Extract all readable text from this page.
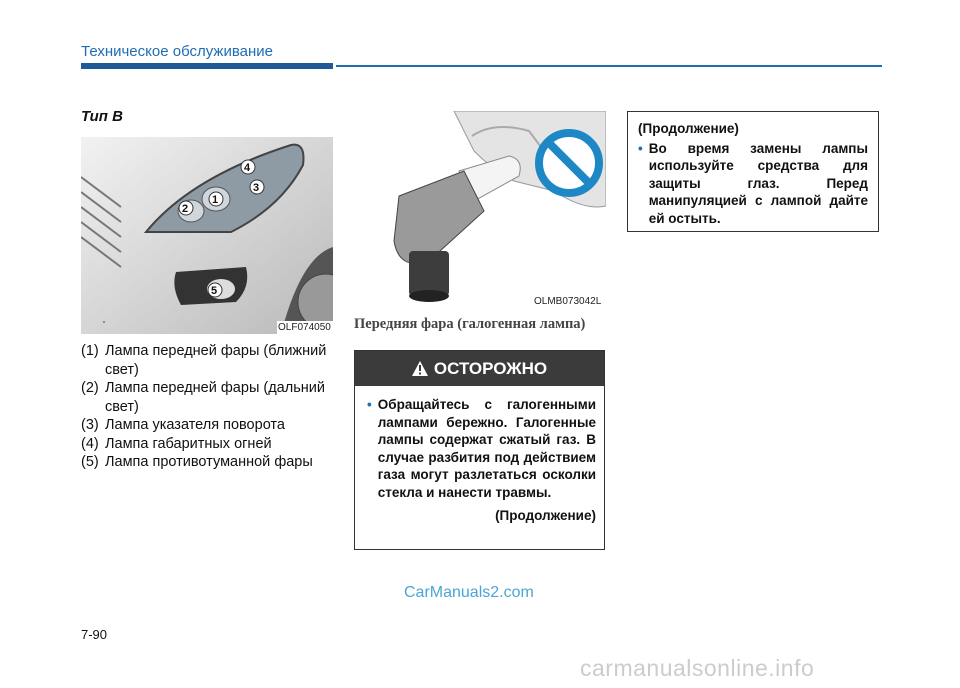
Техническое обслуживание
Тип B
1
2
3
4
5
OLF074050
(1) Лампа передней фары (ближний свет)
(2) Лампа передней фары (дальний свет)
(3) Лампа указателя поворота
(4) Лампа габаритных огней
(5) Лампа противотуманной фары
OLMB073042L
Передняя фара (галогенная лампа)
ОСТОРОЖНО
• Обращайтесь с галогенными лампами бережно. Галогенные лампы содержат сжатый газ. В случае разбития под действием газа могут разлетаться осколки стекла и нанести травмы.
(Продолжение)
(Продолжение)
• Во время замены лампы используйте средства для защиты глаз. Перед манипуляцией с лампой дайте ей остыть.
CarManuals2.com
7-90
carmanualsonline.info
